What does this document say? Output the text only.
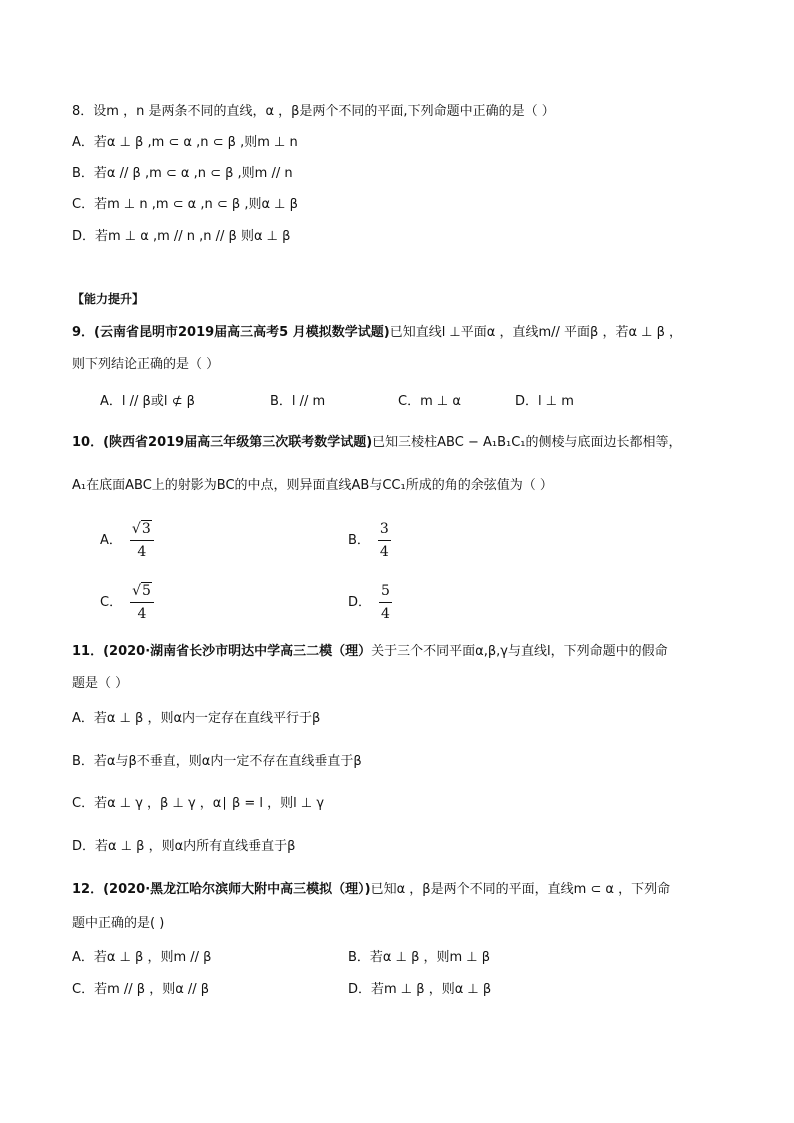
8．设m ，n 是两条不同的直线，α ，β是两个不同的平面,下列命题中正确的是（ ）
A．若α ⊥ β ,m ⊂ α ,n ⊂ β ,则m ⊥ n
B．若α // β ,m ⊂ α ,n ⊂ β ,则m // n
C．若m ⊥ n ,m ⊂ α ,n ⊂ β ,则α ⊥ β
D．若m ⊥ α ,m // n ,n // β 则α ⊥ β
【能力提升】
9．(云南省昆明市2019届高三高考5 月模拟数学试题)已知直线l ⊥平面α ，直线m// 平面β ，若α ⊥ β ，
则下列结论正确的是（ ）
A．l // β或l ⊄ β	B．l // m	C．m ⊥ α	D．l ⊥ m
10．(陕西省2019届高三年级第三次联考数学试题)已知三棱柱ABC − A₁B₁C₁的侧棱与底面边长都相等，
A₁在底面ABC上的射影为BC的中点，则异面直线AB与CC₁所成的角的余弦值为（ ）
A． $\frac{√3}{4}$	B． $\frac{3}{4}$
C． $\frac{√5}{4}$	D． $\frac{5}{4}$
11．(2020·湖南省长沙市明达中学高三二模（理）关于三个不同平面α,β,γ与直线l，下列命题中的假命
题是（ ）
A．若α ⊥ β ，则α内一定存在直线平行于β
B．若α与β不垂直，则α内一定不存在直线垂直于β
C．若α ⊥ γ ，β ⊥ γ ，α∣ β = l ，则l ⊥ γ
D．若α ⊥ β ，则α内所有直线垂直于β
12．(2020·黑龙江哈尔滨师大附中高三模拟（理）)已知α ，β是两个不同的平面，直线m ⊂ α ，下列命
题中正确的是( )
A．若α ⊥ β ，则m // β	B．若α ⊥ β ，则m ⊥ β
C．若m // β ，则α // β	D．若m ⊥ β ，则α ⊥ β
